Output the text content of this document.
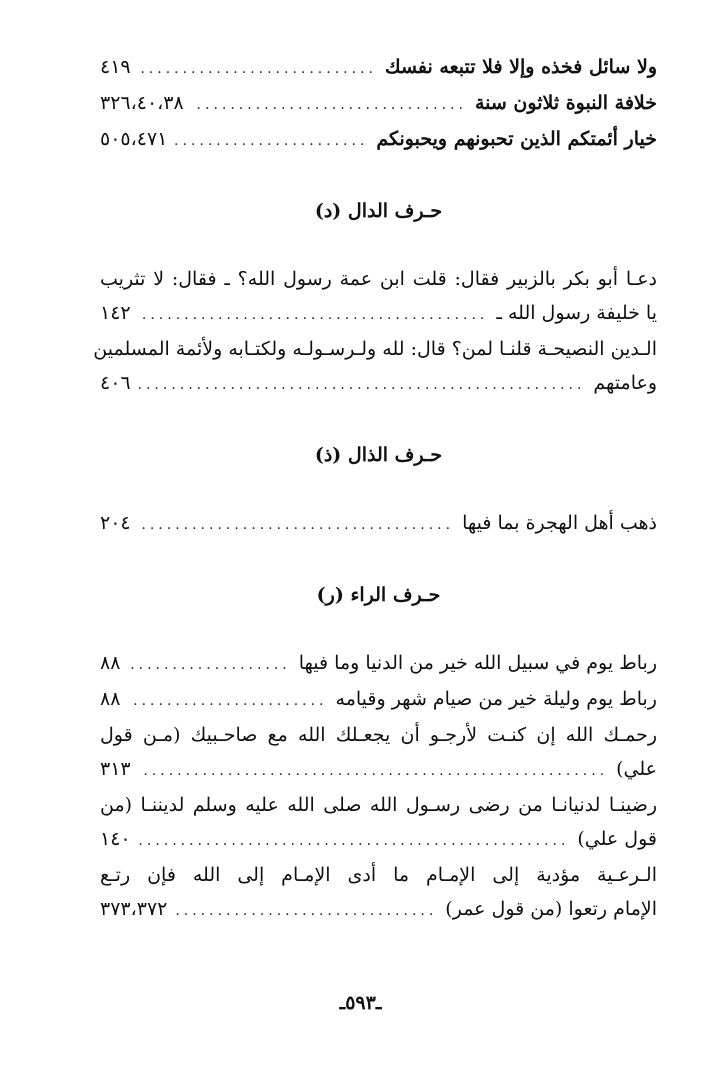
ولا سائل فخذه وإلا فلا تتبعه نفسك
.....
٤١٩
خلافة النبوة ثلاثون سنة
.....
٣٢٦،٤٠،٣٨
خيار أئمتكم الذين تحبونهم ويحبونكم
.....
٥٠٥،٤٧١
حـرف الدال (د)
دعـا أبو بكر بالزبير فقال: قلت ابن عمة رسول الله؟ ـ فقال: لا تثريب
يا خليفة رسول الله ـ
.....
١٤٢
الـدين النصيحـة قلنـا لمن؟ قال: لله ولـرسـولـه ولكتـابه ولأئمة المسلمين
وعامتهم
.....
٤٠٦
حـرف الذال (ذ)
ذهب أهل الهجرة بما فيها
.....
٢٠٤
حـرف الراء (ر)
رباط يوم في سبيل الله خير من الدنيا وما فيها
.....
٨٨
رباط يوم وليلة خير من صيام شهر وقيامه
.....
٨٨
رحمـك الله إن كنـت لأرجـو أن يجعـلك الله مع صاحـبيك (مـن قول
علي)
.....
٣١٣
رضينـا لدنيانـا من رضى رسـول الله صلى الله عليه وسلم لديننـا (من
قول علي)
.....
١٤٠
الـرعـية مؤدية إلى الإمـام ما أدى الإمـام إلى الله فإن رتـع
الإمام رتعوا (من قول عمر)
.....
٣٧٣،٣٧٢
ـ٥٩٣ـ
